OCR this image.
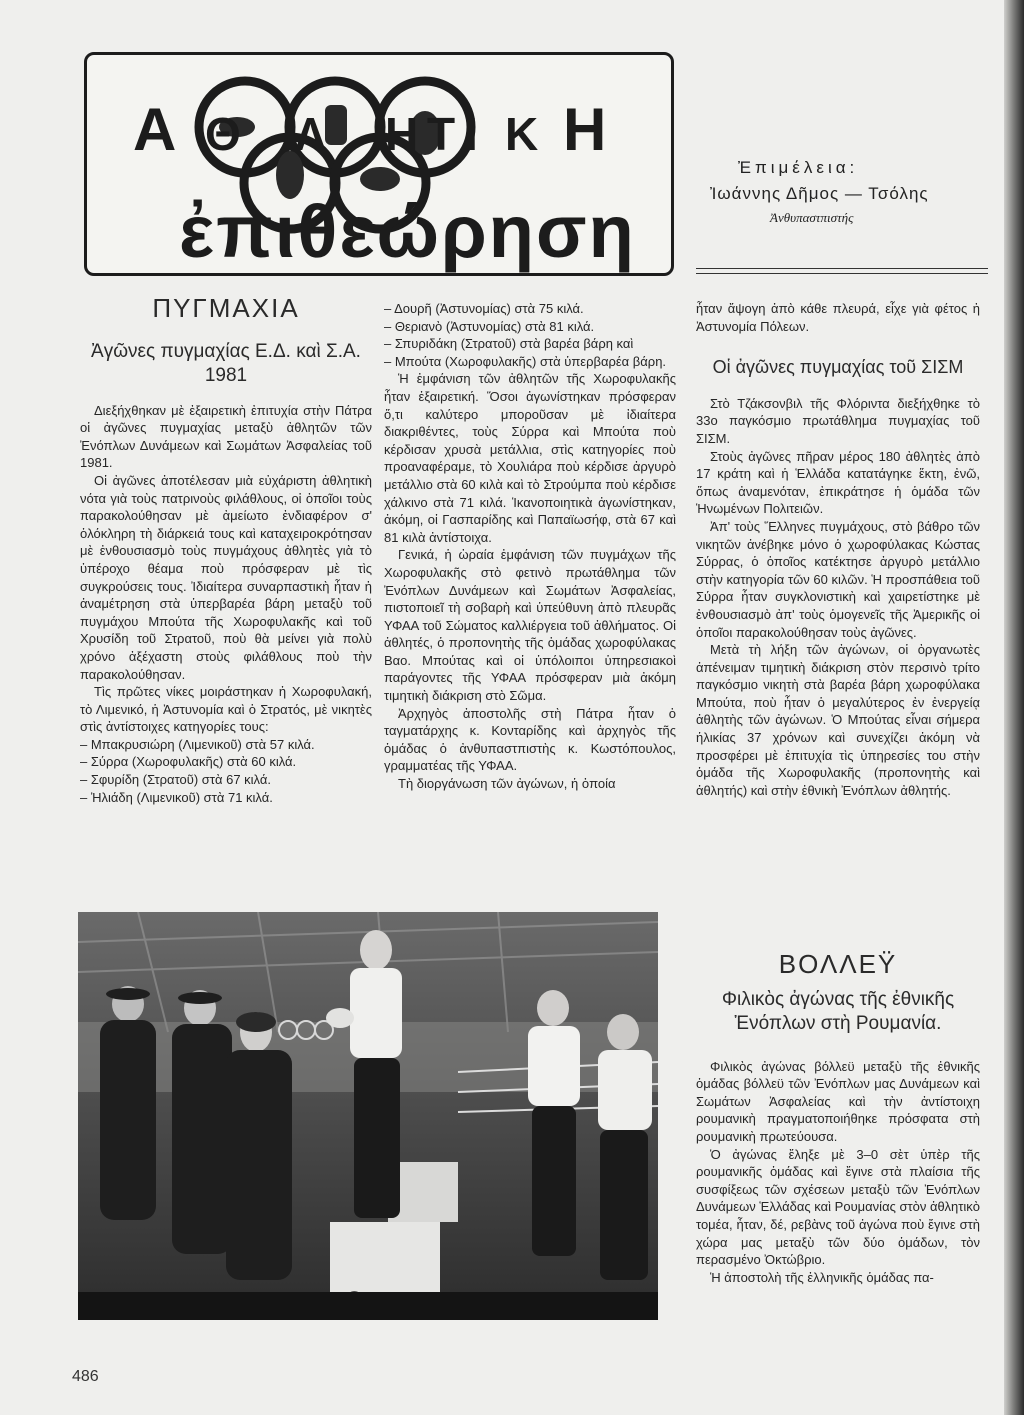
Α	Η
ἐπιθεώρηση
Θ Λ Η Τ Ι Κ
Ἐπιμέλεια:
Ἰωάννης Δῆμος — Τσόλης
Ἀνθυπαστπιστής
ΠΥΓΜΑΧΙΑ
Ἀγῶνες πυγμαχίας Ε.Δ. καὶ Σ.Α. 1981

Διεξήχθηκαν μὲ ἐξαιρετικὴ ἐπιτυχία στὴν Πάτρα οἱ ἀγῶνες πυγμαχίας μεταξὺ ἀθλητῶν τῶν Ἐνόπλων Δυνάμεων καὶ Σωμάτων Ἀσφαλείας τοῦ 1981.

Οἱ ἀγῶνες ἀποτέλεσαν μιὰ εὐχάριστη ἀθλητικὴ νότα γιὰ τοὺς πατρινοὺς φιλάθλους, οἱ ὁποῖοι τοὺς παρακολούθησαν μὲ ἀμείωτο ἐνδιαφέρον σ' ὁλόκληρη τὴ διάρκειά τους καὶ καταχειροκρότησαν μὲ ἐνθουσιασμὸ τοὺς πυγμάχους ἀθλητὲς γιὰ τὸ ὑπέροχο θέαμα ποὺ πρόσφεραν μὲ τὶς συγκρούσεις τους. Ἰδιαίτερα συναρπαστικὴ ἦταν ἡ ἀναμέτρηση στὰ ὑπερβαρέα βάρη μεταξὺ τοῦ πυγμάχου Μπούτα τῆς Χωροφυλακῆς καὶ τοῦ Χρυσίδη τοῦ Στρατοῦ, ποὺ θὰ μείνει γιὰ πολὺ χρόνο ἀξέχαστη στοὺς φιλάθλους ποὺ τὴν παρακολούθησαν.

Τὶς πρῶτες νίκες μοιράστηκαν ἡ Χωροφυλακή, τὸ Λιμενικό, ἡ Ἀστυνομία καὶ ὁ Στρατός, μὲ νικητὲς στὶς ἀντίστοιχες κατηγορίες τους:

– Μπακρυσιώρη (Λιμενικοῦ) στὰ 57 κιλά.
– Σύρρα (Χωροφυλακῆς) στὰ 60 κιλά.
– Σφυρίδη (Στρατοῦ) στὰ 67 κιλά.
– Ἠλιάδη (Λιμενικοῦ) στὰ 71 κιλά.
– Δουρῆ (Ἀστυνομίας) στὰ 75 κιλά.
– Θεριανὸ (Ἀστυνομίας) στὰ 81 κιλά.
– Σπυριδάκη (Στρατοῦ) στὰ βαρέα βάρη καὶ
– Μπούτα (Χωροφυλακῆς) στὰ ὑπερβαρέα βάρη.

Ἡ ἐμφάνιση τῶν ἀθλητῶν τῆς Χωροφυλακῆς ἦταν ἐξαιρετική. Ὅσοι ἀγωνίστηκαν πρόσφεραν ὅ,τι καλύτερο μποροῦσαν μὲ ἰδιαίτερα διακριθέντες, τοὺς Σύρρα καὶ Μπούτα ποὺ κέρδισαν χρυσὰ μετάλλια, στὶς κατηγορίες ποὺ προαναφέραμε, τὸ Χουλιάρα ποὺ κέρδισε ἀργυρὸ μετάλλιο στὰ 60 κιλὰ καὶ τὸ Στρούμπα ποὺ κέρδισε χάλκινο στὰ 71 κιλά. Ἱκανοποιητικὰ ἀγωνίστηκαν, ἀκόμη, οἱ Γασπαρίδης καὶ Παπαϊωσήφ, στὰ 67 καὶ 81 κιλὰ ἀντίστοιχα.

Γενικά, ἡ ὡραία ἐμφάνιση τῶν πυγμάχων τῆς Χωροφυλακῆς στὸ φετινὸ πρωτάθλημα τῶν Ἐνόπλων Δυνάμεων καὶ Σωμάτων Ἀσφαλείας, πιστοποιεῖ τὴ σοβαρὴ καὶ ὑπεύθυνη ἀπὸ πλευρᾶς ΥΦΑΑ τοῦ Σώματος καλλιέργεια τοῦ ἀθλήματος. Οἱ ἀθλητές, ὁ προπονητὴς τῆς ὁμάδας χωροφύλακας Βαο. Μπούτας καὶ οἱ ὑπόλοιποι ὑπηρεσιακοὶ παράγοντες τῆς ΥΦΑΑ πρόσφεραν μιὰ ἀκόμη τιμητικὴ διάκριση στὸ Σῶμα.

Ἀρχηγὸς ἀποστολῆς στὴ Πάτρα ἦταν ὁ ταγματάρχης κ. Κονταρίδης καὶ ἀρχηγὸς τῆς ὁμάδας ὁ ἀνθυπαστπιστὴς κ. Κωστόπουλος, γραμματέας τῆς ΥΦΑΑ.

Τὴ διοργάνωση τῶν ἀγώνων, ἡ ὁποία

ἦταν ἄψογη ἀπὸ κάθε πλευρά, εἶχε γιὰ φέτος ἡ Ἀστυνομία Πόλεων.

Οἱ ἀγῶνες πυγμαχίας τοῦ ΣΙΣΜ

Στὸ Τζάκσονβιλ τῆς Φλόριντα διεξήχθηκε τὸ 33ο παγκόσμιο πρωτάθλημα πυγμαχίας τοῦ ΣΙΣΜ.

Στοὺς ἀγῶνες πῆραν μέρος 180 ἀθλητὲς ἀπὸ 17 κράτη καὶ ἡ Ἑλλάδα κατατάγηκε ἕκτη, ἐνῶ, ὅπως ἀναμενόταν, ἐπικράτησε ἡ ὁμάδα τῶν Ἡνωμένων Πολιτειῶν.

Ἀπ' τοὺς Ἕλληνες πυγμάχους, στὸ βάθρο τῶν νικητῶν ἀνέβηκε μόνο ὁ χωροφύλακας Κώστας Σύρρας, ὁ ὁποῖος κατέκτησε ἀργυρὸ μετάλλιο στὴν κατηγορία τῶν 60 κιλῶν. Ἡ προσπάθεια τοῦ Σύρρα ἦταν συγκλονιστικὴ καὶ χαιρετίστηκε μὲ ἐνθουσιασμὸ ἀπ' τοὺς ὁμογενεῖς τῆς Ἀμερικῆς οἱ ὁποῖοι παρακολούθησαν τοὺς ἀγῶνες.

Μετὰ τὴ λήξη τῶν ἀγώνων, οἱ ὀργανωτὲς ἀπένειμαν τιμητικὴ διάκριση στὸν περσινὸ τρίτο παγκόσμιο νικητὴ στὰ βαρέα βάρη χωροφύλακα Μπούτα, ποὺ ἦταν ὁ μεγαλύτερος ἐν ἐνεργείᾳ ἀθλητὴς τῶν ἀγώνων. Ὁ Μπούτας εἶναι σήμερα ἡλικίας 37 χρόνων καὶ συνεχίζει ἀκόμη νὰ προσφέρει μὲ ἐπιτυχία τὶς ὑπηρεσίες του στὴν ὁμάδα τῆς Χωροφυλακῆς (προπονητὴς καὶ ἀθλητής) καὶ στὴν ἐθνικὴ Ἐνόπλων ἀθλητής.

ΒΟΛΛΕΫ
Φιλικὸς ἀγώνας τῆς ἐθνικῆς Ἐνόπλων στὴ Ρουμανία.

Φιλικὸς ἀγώνας βόλλεϋ μεταξὺ τῆς ἐθνικῆς ὁμάδας βόλλεϋ τῶν Ἐνόπλων μας Δυνάμεων καὶ Σωμάτων Ἀσφαλείας καὶ τὴν ἀντίστοιχη ρουμανικὴ πραγματοποιήθηκε πρόσφατα στὴ ρουμανικὴ πρωτεύουσα.

Ὁ ἀγώνας ἔληξε μὲ 3–0 σὲτ ὑπὲρ τῆς ρουμανικῆς ὁμάδας καὶ ἔγινε στὰ πλαίσια τῆς συσφίξεως τῶν σχέσεων μεταξὺ τῶν Ἐνόπλων Δυνάμεων Ἑλλάδας καὶ Ρουμανίας στὸν ἀθλητικὸ τομέα, ἦταν, δέ, ρεβὰνς τοῦ ἀγώνα ποὺ ἔγινε στὴ χώρα μας μεταξὺ τῶν δύο ὁμάδων, τὸν περασμένο Ὀκτώβριο.

Ἡ ἀποστολὴ τῆς ἑλληνικῆς ὁμάδας πα-

486
